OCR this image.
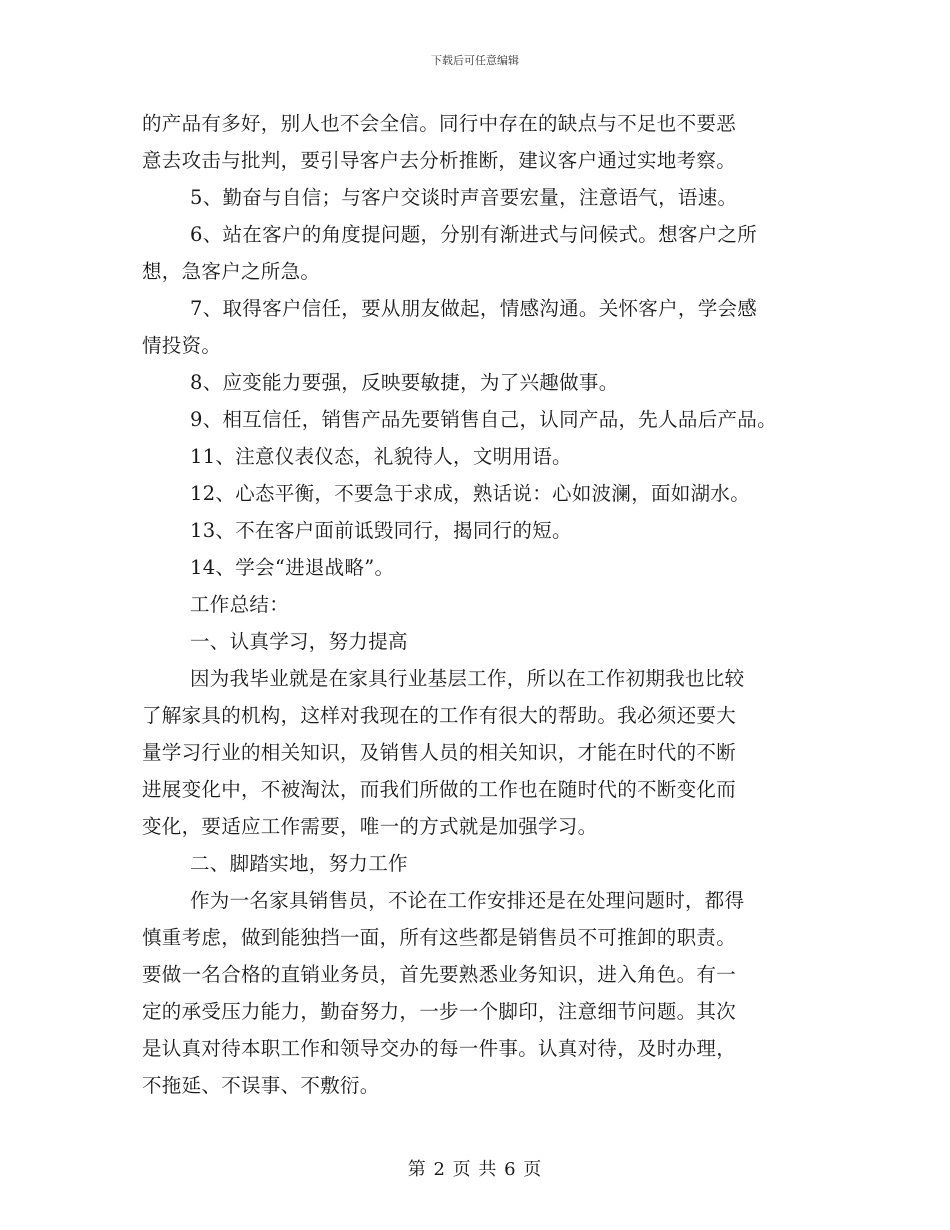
下载后可任意编辑

的产品有多好，别人也不会全信。同行中存在的缺点与不足也不要恶

意去攻击与批判，要引导客户去分析推断，建议客户通过实地考察。

5、勤奋与自信；与客户交谈时声音要宏量，注意语气，语速。

6、站在客户的角度提问题，分别有渐进式与问候式。想客户之所

想，急客户之所急。

7、取得客户信任，要从朋友做起，情感沟通。关怀客户，学会感

情投资。

8、应变能力要强，反映要敏捷，为了兴趣做事。

9、相互信任，销售产品先要销售自己，认同产品，先人品后产品。

11、注意仪表仪态，礼貌待人，文明用语。

12、心态平衡，不要急于求成，熟话说：心如波澜，面如湖水。

13、不在客户面前诋毁同行，揭同行的短。

14、学会“进退战略”。

工作总结：

一、认真学习，努力提高

因为我毕业就是在家具行业基层工作，所以在工作初期我也比较

了解家具的机构，这样对我现在的工作有很大的帮助。我必须还要大

量学习行业的相关知识，及销售人员的相关知识，才能在时代的不断

进展变化中，不被淘汰，而我们所做的工作也在随时代的不断变化而

变化，要适应工作需要，唯一的方式就是加强学习。

二、脚踏实地，努力工作

作为一名家具销售员，不论在工作安排还是在处理问题时，都得

慎重考虑，做到能独挡一面，所有这些都是销售员不可推卸的职责。

要做一名合格的直销业务员，首先要熟悉业务知识，进入角色。有一

定的承受压力能力，勤奋努力，一步一个脚印，注意细节问题。其次

是认真对待本职工作和领导交办的每一件事。认真对待，及时办理，

不拖延、不误事、不敷衍。

第 2 页 共 6 页
